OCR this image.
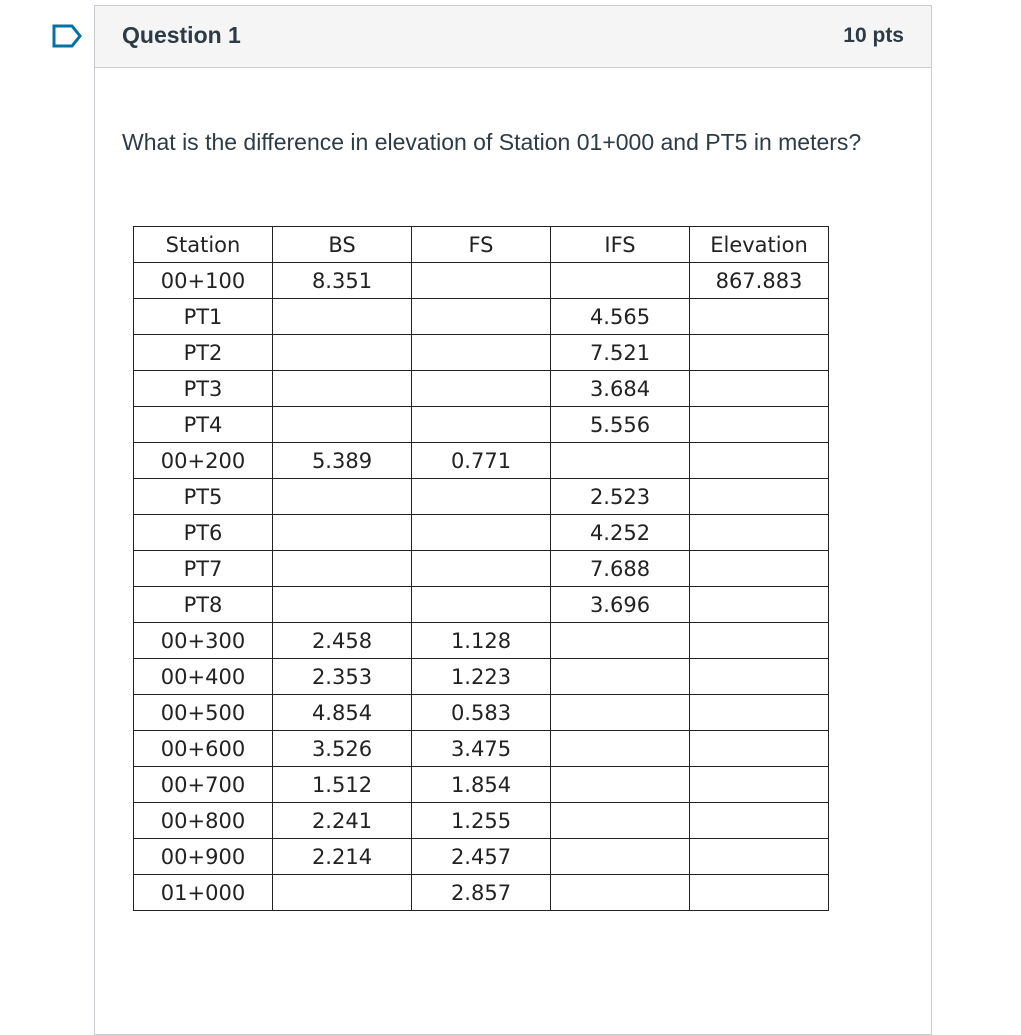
Question 1	10 pts
What is the difference in elevation of Station 01+000 and PT5 in meters?
Station	BS	FS	IFS	Elevation
00+100	8.351			867.883
PT1			4.565	
PT2			7.521	
PT3			3.684	
PT4			5.556	
00+200	5.389	0.771		
PT5			2.523	
PT6			4.252	
PT7			7.688	
PT8			3.696	
00+300	2.458	1.128		
00+400	2.353	1.223		
00+500	4.854	0.583		
00+600	3.526	3.475		
00+700	1.512	1.854		
00+800	2.241	1.255		
00+900	2.214	2.457		
01+000		2.857		
